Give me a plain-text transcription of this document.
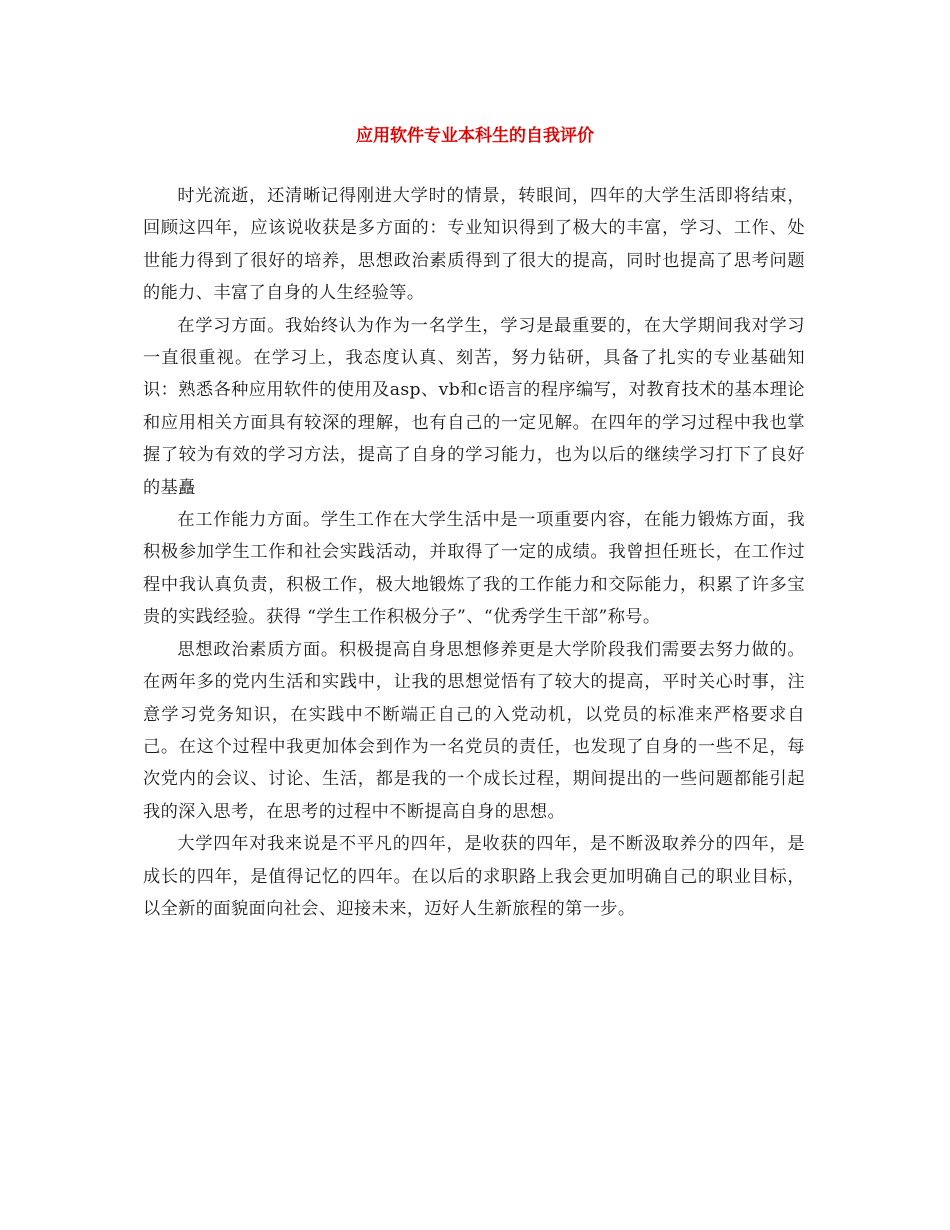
应用软件专业本科生的自我评价

时光流逝，还清晰记得刚进大学时的情景，转眼间，四年的大学生活即将结束，回顾这四年，应该说收获是多方面的：专业知识得到了极大的丰富，学习、工作、处世能力得到了很好的培养，思想政治素质得到了很大的提高，同时也提高了思考问题的能力、丰富了自身的人生经验等。

在学习方面。我始终认为作为一名学生，学习是最重要的，在大学期间我对学习一直很重视。在学习上，我态度认真、刻苦，努力钻研，具备了扎实的专业基础知识：熟悉各种应用软件的使用及asp、vb和c语言的程序编写，对教育技术的基本理论和应用相关方面具有较深的理解，也有自己的一定见解。在四年的学习过程中我也掌握了较为有效的学习方法，提高了自身的学习能力，也为以后的继续学习打下了良好的基矗

在工作能力方面。学生工作在大学生活中是一项重要内容，在能力锻炼方面，我积极参加学生工作和社会实践活动，并取得了一定的成绩。我曾担任班长，在工作过程中我认真负责，积极工作，极大地锻炼了我的工作能力和交际能力，积累了许多宝贵的实践经验。获得 “学生工作积极分子”、“优秀学生干部”称号。

思想政治素质方面。积极提高自身思想修养更是大学阶段我们需要去努力做的。在两年多的党内生活和实践中，让我的思想觉悟有了较大的提高，平时关心时事，注意学习党务知识，在实践中不断端正自己的入党动机，以党员的标准来严格要求自己。在这个过程中我更加体会到作为一名党员的责任，也发现了自身的一些不足，每次党内的会议、讨论、生活，都是我的一个成长过程，期间提出的一些问题都能引起我的深入思考，在思考的过程中不断提高自身的思想。

大学四年对我来说是不平凡的四年，是收获的四年，是不断汲取养分的四年，是成长的四年，是值得记忆的四年。在以后的求职路上我会更加明确自己的职业目标，以全新的面貌面向社会、迎接未来，迈好人生新旅程的第一步。
